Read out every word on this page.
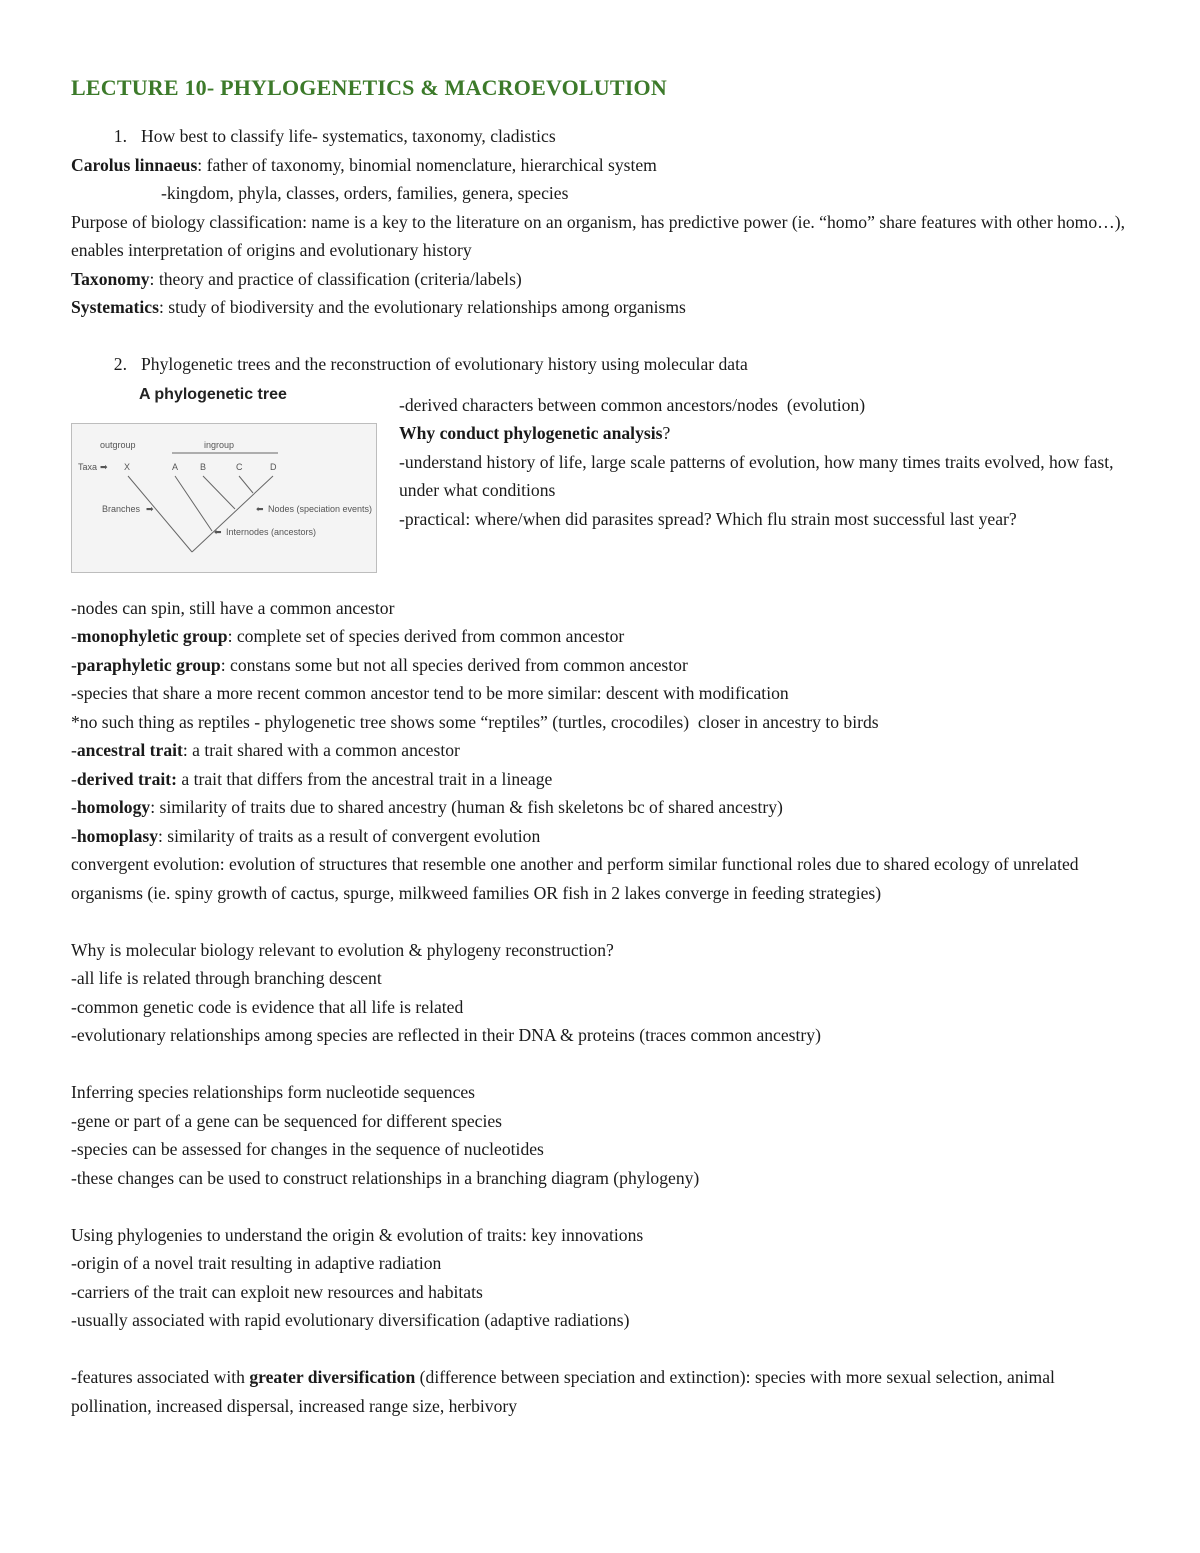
LECTURE 10- PHYLOGENETICS & MACROEVOLUTION

1. How best to classify life- systematics, taxonomy, cladistics

Carolus linnaeus: father of taxonomy, binomial nomenclature, hierarchical system

-kingdom, phyla, classes, orders, families, genera, species

Purpose of biology classification: name is a key to the literature on an organism, has predictive power (ie. “homo” share features with other homo…), enables interpretation of origins and evolutionary history

Taxonomy: theory and practice of classification (criteria/labels)

Systematics: study of biodiversity and the evolutionary relationships among organisms

2. Phylogenetic trees and the reconstruction of evolutionary history using molecular data

A phylogenetic tree
outgroup	ingroup
Taxa ➡ X	A B	C	D
Branches ➡	⬅ Nodes (speciation events)
⬅ Internodes (ancestors)

-derived characters between common ancestors/nodes  (evolution)

Why conduct phylogenetic analysis?

-understand history of life, large scale patterns of evolution, how many times traits evolved, how fast, under what conditions

-practical: where/when did parasites spread? Which flu strain most successful last year?

-nodes can spin, still have a common ancestor

-monophyletic group: complete set of species derived from common ancestor

-paraphyletic group: constans some but not all species derived from common ancestor

-species that share a more recent common ancestor tend to be more similar: descent with modification

*no such thing as reptiles - phylogenetic tree shows some “reptiles” (turtles, crocodiles)  closer in ancestry to birds

-ancestral trait: a trait shared with a common ancestor

-derived trait: a trait that differs from the ancestral trait in a lineage

-homology: similarity of traits due to shared ancestry (human & fish skeletons bc of shared ancestry)

-homoplasy: similarity of traits as a result of convergent evolution

convergent evolution: evolution of structures that resemble one another and perform similar functional roles due to shared ecology of unrelated organisms (ie. spiny growth of cactus, spurge, milkweed families OR fish in 2 lakes converge in feeding strategies)

Why is molecular biology relevant to evolution & phylogeny reconstruction?

-all life is related through branching descent

-common genetic code is evidence that all life is related

-evolutionary relationships among species are reflected in their DNA & proteins (traces common ancestry)

Inferring species relationships form nucleotide sequences

-gene or part of a gene can be sequenced for different species

-species can be assessed for changes in the sequence of nucleotides

-these changes can be used to construct relationships in a branching diagram (phylogeny)

Using phylogenies to understand the origin & evolution of traits: key innovations

-origin of a novel trait resulting in adaptive radiation

-carriers of the trait can exploit new resources and habitats

-usually associated with rapid evolutionary diversification (adaptive radiations)

-features associated with greater diversification (difference between speciation and extinction): species with more sexual selection, animal pollination, increased dispersal, increased range size, herbivory
